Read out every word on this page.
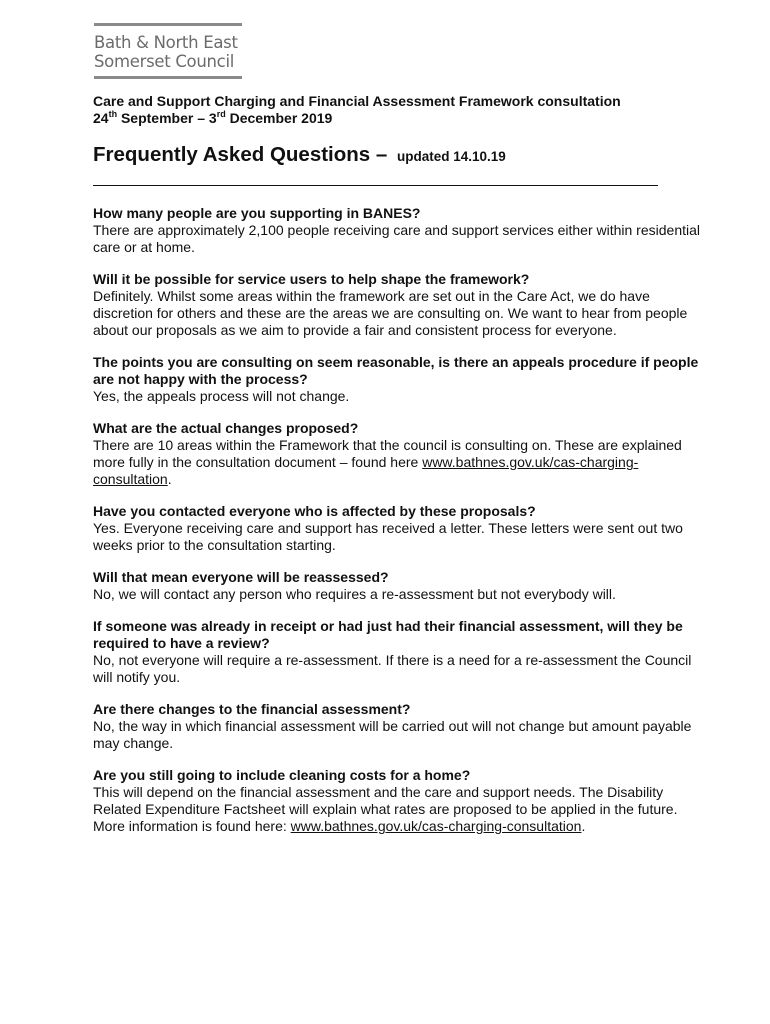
Bath & North East
Somerset Council
Care and Support Charging and Financial Assessment Framework consultation
24th September – 3rd December 2019
Frequently Asked Questions – updated 14.10.19
How many people are you supporting in BANES?
There are approximately 2,100 people receiving care and support services either within residential care or at home.
Will it be possible for service users to help shape the framework?
Definitely. Whilst some areas within the framework are set out in the Care Act, we do have discretion for others and these are the areas we are consulting on. We want to hear from people about our proposals as we aim to provide a fair and consistent process for everyone.
The points you are consulting on seem reasonable, is there an appeals procedure if people are not happy with the process?
Yes, the appeals process will not change.
What are the actual changes proposed?
There are 10 areas within the Framework that the council is consulting on. These are explained more fully in the consultation document – found here www.bathnes.gov.uk/cas-charging-consultation.
Have you contacted everyone who is affected by these proposals?
Yes. Everyone receiving care and support has received a letter. These letters were sent out two weeks prior to the consultation starting.
Will that mean everyone will be reassessed?
No, we will contact any person who requires a re-assessment but not everybody will.
If someone was already in receipt or had just had their financial assessment, will they be required to have a review?
No, not everyone will require a re-assessment. If there is a need for a re-assessment the Council will notify you.
Are there changes to the financial assessment?
No, the way in which financial assessment will be carried out will not change but amount payable may change.
Are you still going to include cleaning costs for a home?
This will depend on the financial assessment and the care and support needs. The Disability Related Expenditure Factsheet will explain what rates are proposed to be applied in the future. More information is found here: www.bathnes.gov.uk/cas-charging-consultation.
